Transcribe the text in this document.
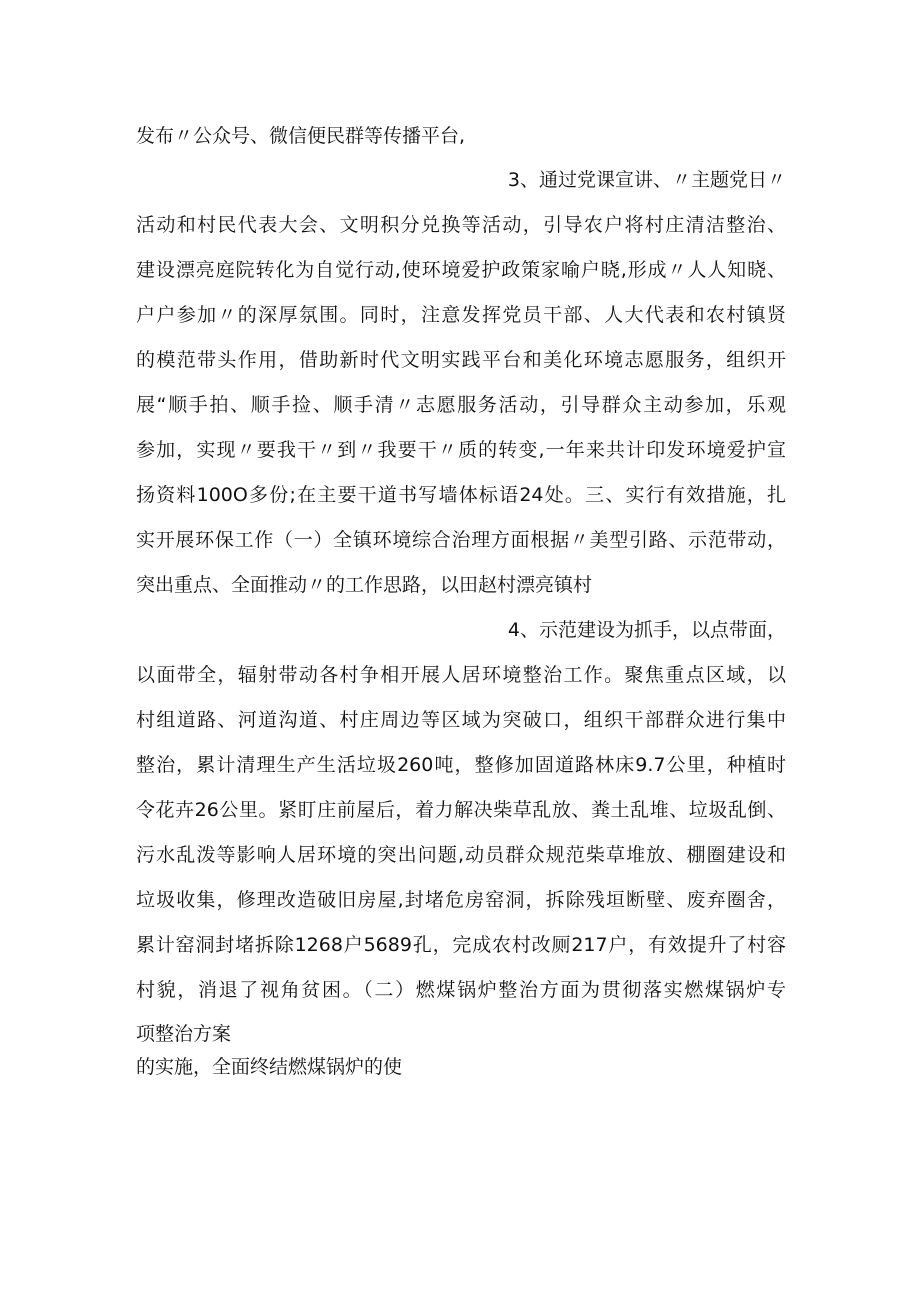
发布〃公众号、微信便民群等传播平台,

3、通过党课宣讲、〃主题党日〃

活动和村民代表大会、文明积分兑换等活动，引导农户将村庄清洁整治、

建设漂亮庭院转化为自觉行动,使环境爱护政策家喻户晓,形成〃人人知晓、

户户参加〃的深厚氛围。同时，注意发挥党员干部、人大代表和农村镇贤

的模范带头作用，借助新时代文明实践平台和美化环境志愿服务，组织开

展“顺手拍、顺手捡、顺手清〃志愿服务活动，引导群众主动参加，乐观

参加，实现〃要我干〃到〃我要干〃质的转变,一年来共计印发环境爱护宣

扬资料100O多份;在主要干道书写墙体标语24处。三、实行有效措施，扎

实开展环保工作（一）全镇环境综合治理方面根据〃美型引路、示范带动，

突出重点、全面推动〃的工作思路，以田赵村漂亮镇村

4、示范建设为抓手，以点带面，

以面带全，辐射带动各村争相开展人居环境整治工作。聚焦重点区域，以

村组道路、河道沟道、村庄周边等区域为突破口，组织干部群众进行集中

整治，累计清理生产生活垃圾260吨，整修加固道路林床9.7公里，种植时

令花卉26公里。紧盯庄前屋后，着力解决柴草乱放、粪土乱堆、垃圾乱倒、

污水乱泼等影响人居环境的突出问题,动员群众规范柴草堆放、棚圈建设和

垃圾收集，修理改造破旧房屋,封堵危房窑洞，拆除残垣断壁、废弃圈舍，

累计窑洞封堵拆除1268户5689孔，完成农村改厕217户，有效提升了村容

村貌，消退了视角贫困。（二）燃煤锅炉整治方面为贯彻落实燃煤锅炉专

项整治方案

的实施，全面终结燃煤锅炉的使
